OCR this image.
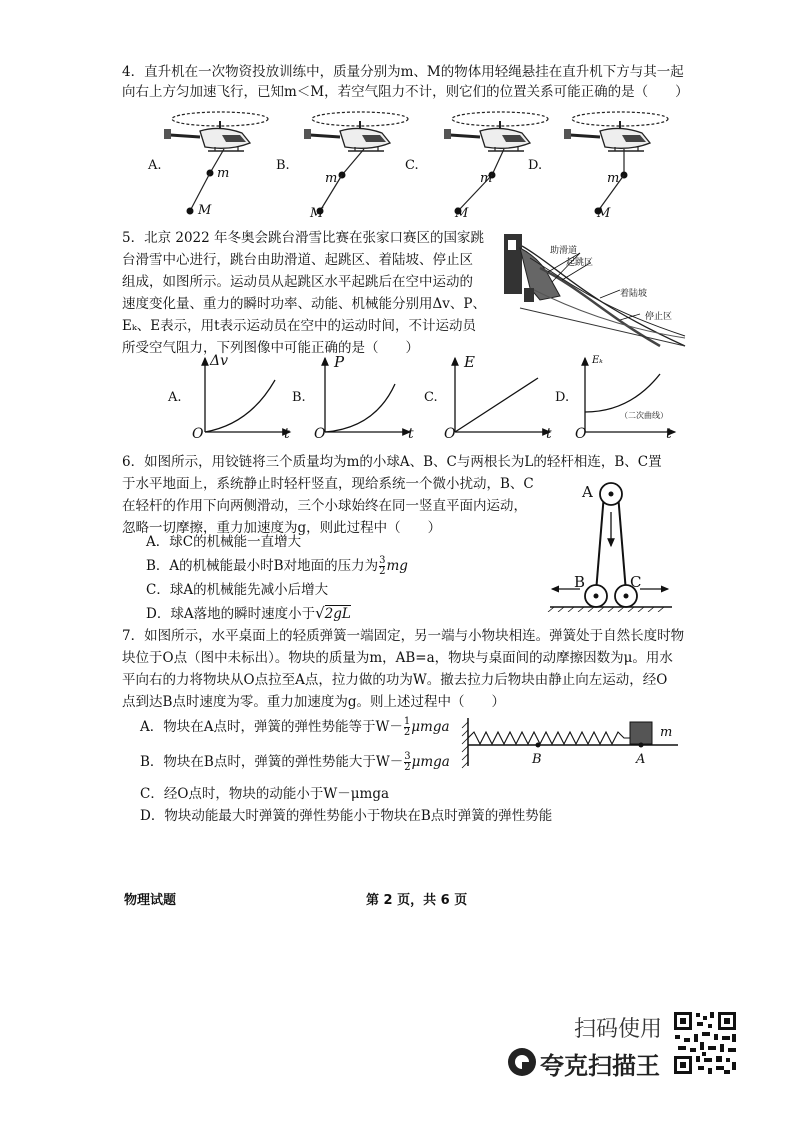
4．直升机在一次物资投放训练中，质量分别为m、M的物体用轻绳悬挂在直升机下方与其一起
向右上方匀加速飞行，已知m＜M，若空气阻力不计，则它们的位置关系可能正确的是（　　）
A.	B.	C.	D.
m
M
m
M
m
M
m
M
5．北京 2022 年冬奥会跳台滑雪比赛在张家口赛区的国家跳
台滑雪中心进行，跳台由助滑道、起跳区、着陆坡、停止区
组成，如图所示。运动员从起跳区水平起跳后在空中运动的
速度变化量、重力的瞬时功率、动能、机械能分别用Δv、P、
Eₖ、E表示，用t表示运动员在空中的运动时间，不计运动员
所受空气阻力，下列图像中可能正确的是（　　）
助滑道
起跳区
着陆坡
停止区
A.
Δv
O	t
B.
P
O	t
C.
E
O	t
D.
Eₖ
O	t
（二次曲线）
6．如图所示，用铰链将三个质量均为m的小球A、B、C与两根长为L的轻杆相连，B、C置
于水平地面上，系统静止时轻杆竖直，现给系统一个微小扰动，B、C
在轻杆的作用下向两侧滑动，三个小球始终在同一竖直平面内运动，
忽略一切摩擦，重力加速度为g，则此过程中（　　）
A．球C的机械能一直增大
B．A的机械能最小时B对地面的压力为 $\frac{3}{2}$ mg
C．球A的机械能先减小后增大
D．球A落地的瞬时速度小于√2gL
A
B	C
7．如图所示，水平桌面上的轻质弹簧一端固定，另一端与小物块相连。弹簧处于自然长度时物
块位于O点（图中未标出）。物块的质量为m，AB=a，物块与桌面间的动摩擦因数为μ。用水
平向右的力将物块从O点拉至A点，拉力做的功为W。撤去拉力后物块由静止向左运动，经O
点到达B点时速度为零。重力加速度为g。则上述过程中（　　）
A．物块在A点时，弹簧的弹性势能等于$W- \frac{1}{2}$ μmga
B．物块在B点时，弹簧的弹性势能大于$W- \frac{3}{2}$ μmga
C．经O点时，物块的动能小于W－μmga
D．物块动能最大时弹簧的弹性势能小于物块在B点时弹簧的弹性势能
B	A
m
物理试题	第 2 页，共 6 页
扫码使用
夸克扫描王
